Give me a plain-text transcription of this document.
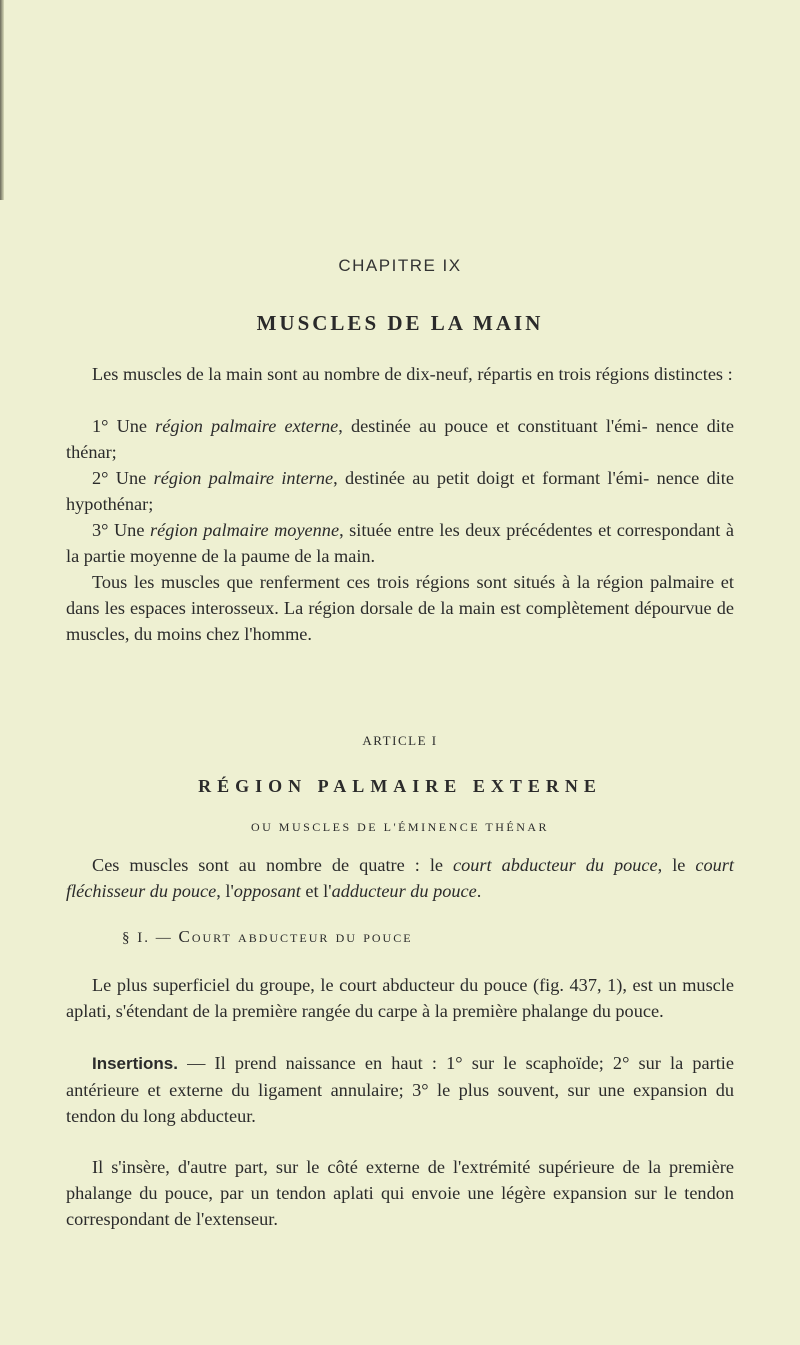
CHAPITRE IX
MUSCLES DE LA MAIN

Les muscles de la main sont au nombre de dix-neuf, répartis en trois régions distinctes :

1° Une région palmaire externe, destinée au pouce et constituant l'émi- nence dite thénar;

2° Une région palmaire interne, destinée au petit doigt et formant l'émi- nence dite hypothénar;

3° Une région palmaire moyenne, située entre les deux précédentes et correspondant à la partie moyenne de la paume de la main.

Tous les muscles que renferment ces trois régions sont situés à la région palmaire et dans les espaces interosseux. La région dorsale de la main est complètement dépourvue de muscles, du moins chez l'homme.

ARTICLE I
RÉGION PALMAIRE EXTERNE
OU MUSCLES DE L'ÉMINENCE THÉNAR

Ces muscles sont au nombre de quatre : le court abducteur du pouce, le court fléchisseur du pouce, l'opposant et l'adducteur du pouce.

§ I. — Court abducteur du pouce

Le plus superficiel du groupe, le court abducteur du pouce (fig. 437, 1), est un muscle aplati, s'étendant de la première rangée du carpe à la première phalange du pouce.

Insertions. — Il prend naissance en haut : 1° sur le scaphoïde; 2° sur la partie antérieure et externe du ligament annulaire; 3° le plus souvent, sur une expansion du tendon du long abducteur.

Il s'insère, d'autre part, sur le côté externe de l'extrémité supérieure de la première phalange du pouce, par un tendon aplati qui envoie une légère expansion sur le tendon correspondant de l'extenseur.
